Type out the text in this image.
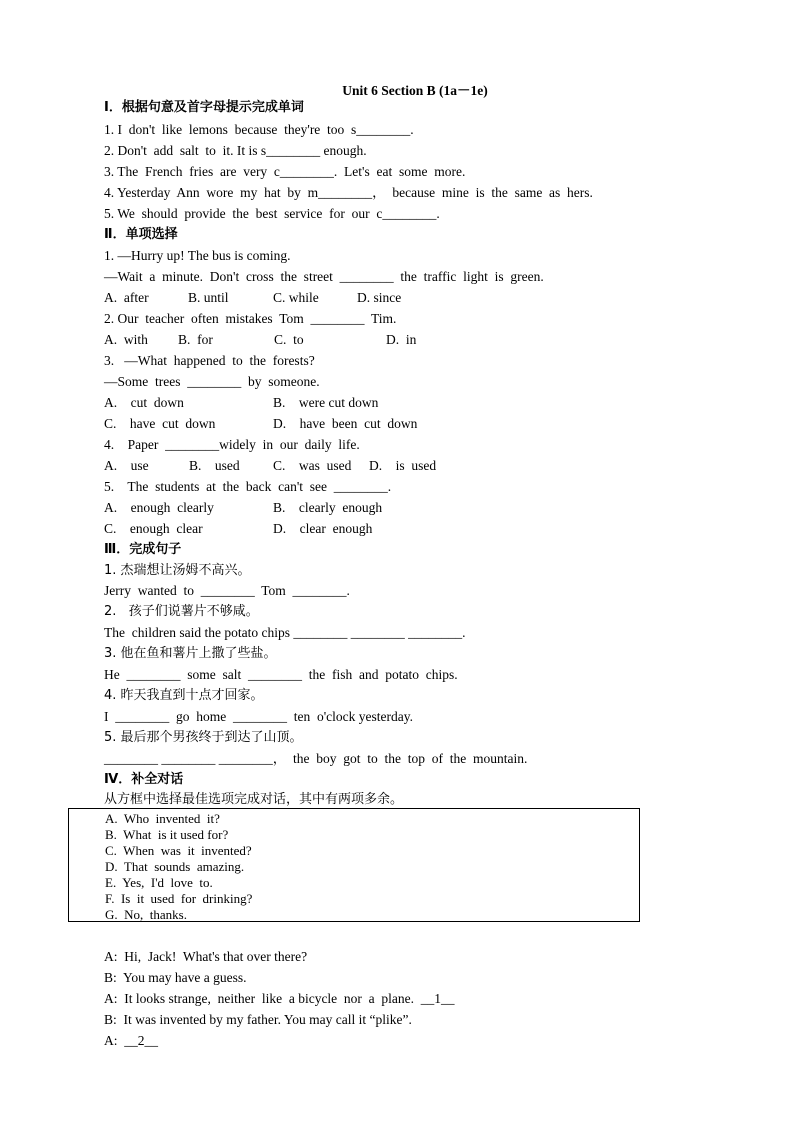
Unit 6 Section B (1a－1e)
Ⅰ．根据句意及首字母提示完成单词
1. I  don't  like  lemons  because  they're  too  s________.
2. Don't  add  salt  to  it. It is s________ enough.
3. The  French  fries  are  very  c________.  Let's  eat  some  more.
4. Yesterday  Ann  wore  my  hat  by  m________，  because  mine  is  the  same  as  hers.
5. We  should  provide  the  best  service  for  our  c________.
Ⅱ．单项选择
1. —Hurry up! The bus is coming.
—Wait  a  minute.  Don't  cross  the  street  ________  the  traffic  light  is  green.
A.  after	B. until	C. while	D. since
2. Our  teacher  often  mistakes  Tom  ________  Tim.
A.  with B.  for	C.  to	D.  in
3.   —What  happened  to  the  forests?
—Some  trees  ________  by  someone.
A.    cut  down	B.    were cut down
C.    have  cut  down	D.    have  been  cut  down
4.    Paper  ________widely  in  our  daily  life.
A.    use	B.    used C.    was  used D.    is  used
5.    The  students  at  the  back  can't  see  ________.
A.    enough  clearly	B.    clearly  enough
C.    enough  clear	D.    clear  enough
Ⅲ．完成句子
1. 杰瑞想让汤姆不高兴。
Jerry  wanted  to  ________  Tom  ________.
2.   孩子们说薯片不够咸。
The  children said the potato chips ________ ________ ________.
3. 他在鱼和薯片上撒了些盐。
He  ________  some  salt  ________  the  fish  and  potato  chips.
4. 昨天我直到十点才回家。
I  ________  go  home  ________  ten  o'clock yesterday.
5. 最后那个男孩终于到达了山顶。
________ ________ ________，  the  boy  got  to  the  top  of  the  mountain.
Ⅳ．补全对话
从方框中选择最佳选项完成对话，其中有两项多余。
A.  Who  invented  it?
B.  What  is it used for?
C.  When  was  it  invented?
D.  That  sounds  amazing.
E.  Yes,  I'd  love  to.
F.  Is  it  used  for  drinking?
G.  No,  thanks.
A:  Hi,  Jack!  What's that over there?
B:  You may have a guess.
A:  It looks strange,  neither  like  a bicycle  nor  a  plane.  __1__
B:  It was invented by my father. You may call it “plike”.
A:  __2__
